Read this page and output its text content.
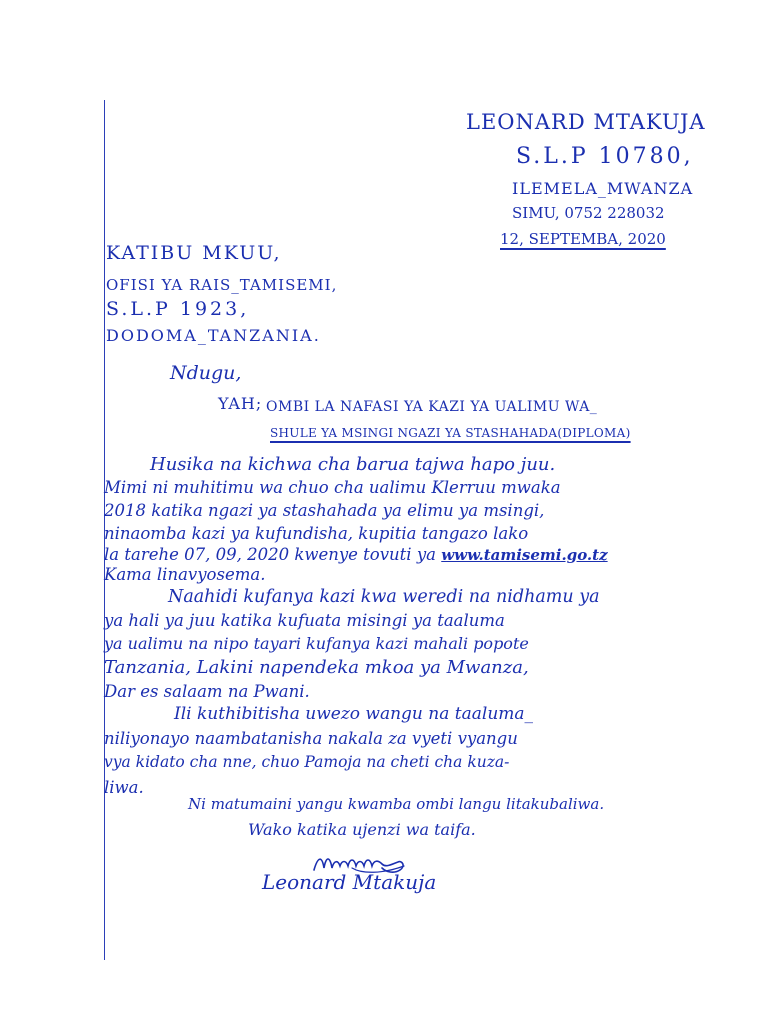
LEONARD MTAKUJA

S.L.P 10780,

ILEMELA_MWANZA

SIMU, 0752 228032

12, SEPTEMBA, 2020

KATIBU MKUU,

OFISI YA RAIS_TAMISEMI,

S.L.P 1923,

DODOMA_TANZANIA.

Ndugu,

YAH; OMBI LA NAFASI YA KAZI YA UALIMU WA_

SHULE YA MSINGI NGAZI YA STASHAHADA(DIPLOMA)

Husika na kichwa cha barua tajwa hapo juu.

Mimi ni muhitimu wa chuo cha ualimu Klerruu mwaka

2018 katika ngazi ya stashahada ya elimu ya msingi,

ninaomba kazi ya kufundisha, kupitia tangazo lako

la tarehe 07, 09, 2020 kwenye tovuti ya www.tamisemi.go.tz

Kama linavyosema.

Naahidi kufanya kazi kwa weredi na nidhamu ya

ya hali ya juu katika kufuata misingi ya taaluma

ya ualimu na nipo tayari kufanya kazi mahali popote

Tanzania, Lakini napendeka mkoa ya Mwanza,

Dar es salaam na Pwani.

Ili kuthibitisha uwezo wangu na taaluma_

niliyonayo naambatanisha nakala za vyeti vyangu

vya kidato cha nne, chuo Pamoja na cheti cha kuza-

liwa.

Ni matumaini yangu kwamba ombi langu litakubaliwa.

Wako katika ujenzi wa taifa.

Leonard Mtakuja
